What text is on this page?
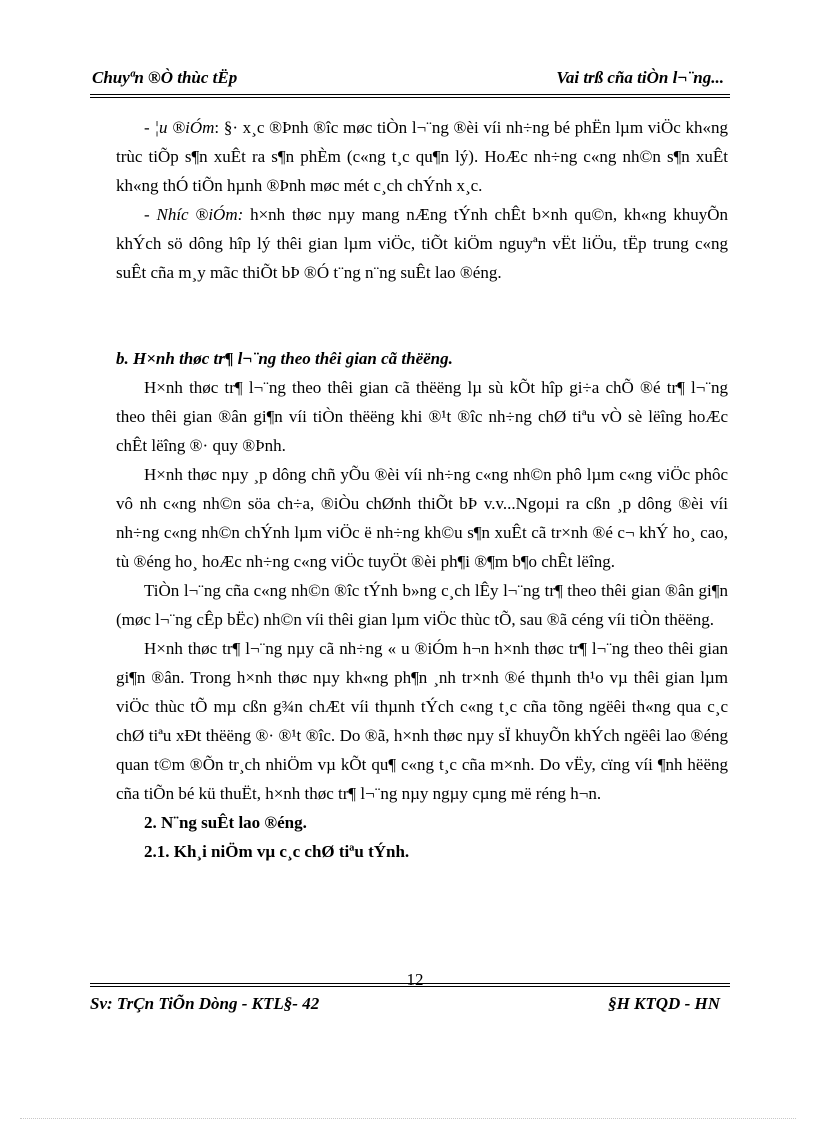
Chuyªn ®Ò thùc tËp	Vai trß cña tiÒn l¬¨ng...

- ¦u ®iÓm: §· x¸c ®Þnh ®îc møc tiÒn l¬¨ng ®èi víi nh÷ng bé phËn lµm viÖc kh«ng trùc tiÕp s¶n xuÊt ra s¶n phÈm (c«ng t¸c qu¶n lý). HoÆc nh÷ng c«ng nh©n s¶n xuÊt kh«ng thÓ tiÕn hµnh ®Þnh møc mét c¸ch chÝnh x¸c.

- Nhíc ®iÓm: h×nh thøc nµy mang nÆng tÝnh chÊt b×nh qu©n, kh«ng khuyÕn khÝch sö dông hîp lý thêi gian lµm viÖc, tiÕt kiÖm nguyªn vËt liÖu, tËp trung c«ng suÊt cña m¸y mãc thiÕt bÞ ®Ó t¨ng n¨ng suÊt lao ®éng.

b. H×nh thøc tr¶ l¬¨ng theo thêi gian cã thëëng.

H×nh thøc tr¶ l¬¨ng theo thêi gian cã thëëng lµ sù kÕt hîp gi÷a chÕ ®é tr¶ l¬¨ng theo thêi gian ®ân gi¶n víi tiÒn thëëng khi ®¹t ®îc nh÷ng chØ tiªu vÒ sè lëîng hoÆc chÊt lëîng ®· quy ®Þnh.

H×nh thøc nµy ¸p dông chñ yÕu ®èi víi nh÷ng c«ng nh©n phô lµm c«ng viÖc phôc vô nh c«ng nh©n söa ch÷a, ®iÒu chØnh thiÕt bÞ v.v...Ngoµi ra cßn ¸p dông ®èi víi nh÷ng c«ng nh©n chÝnh lµm viÖc ë nh÷ng kh©u s¶n xuÊt cã tr×nh ®é c¬ khÝ ho¸ cao, tù ®éng ho¸ hoÆc nh÷ng c«ng viÖc tuyÖt ®èi ph¶i ®¶m b¶o chÊt lëîng.

TiÒn l¬¨ng cña c«ng nh©n ®îc tÝnh b»ng c¸ch lÊy l¬¨ng tr¶ theo thêi gian ®ân gi¶n (møc l¬¨ng cÊp bËc) nh©n víi thêi gian lµm viÖc thùc tÕ, sau ®ã céng víi tiÒn thëëng.

H×nh thøc tr¶ l¬¨ng nµy cã nh÷ng « u ®iÓm h¬n h×nh thøc tr¶ l¬¨ng theo thêi gian gi¶n ®ân. Trong h×nh thøc nµy kh«ng ph¶n ¸nh tr×nh ®é thµnh th¹o vµ thêi gian lµm viÖc thùc tÕ mµ cßn g¾n chÆt víi thµnh tÝch c«ng t¸c cña tõng ngëêi th«ng qua c¸c chØ tiªu xÐt thëëng ®· ®¹t ®îc. Do ®ã, h×nh thøc nµy sÏ khuyÕn khÝch ngëêi lao ®éng quan t©m ®Õn tr¸ch nhiÖm vµ kÕt qu¶ c«ng t¸c cña m×nh. Do vËy, cïng víi ¶nh hëëng cña tiÕn bé kü thuËt, h×nh thøc tr¶ l¬¨ng nµy ngµy cµng më réng h¬n.

2. N¨ng suÊt lao ®éng.

2.1. Kh¸i niÖm vµ c¸c chØ tiªu tÝnh.

12
Sv: TrÇn TiÕn Dòng - KTL§- 42	§H KTQD - HN
